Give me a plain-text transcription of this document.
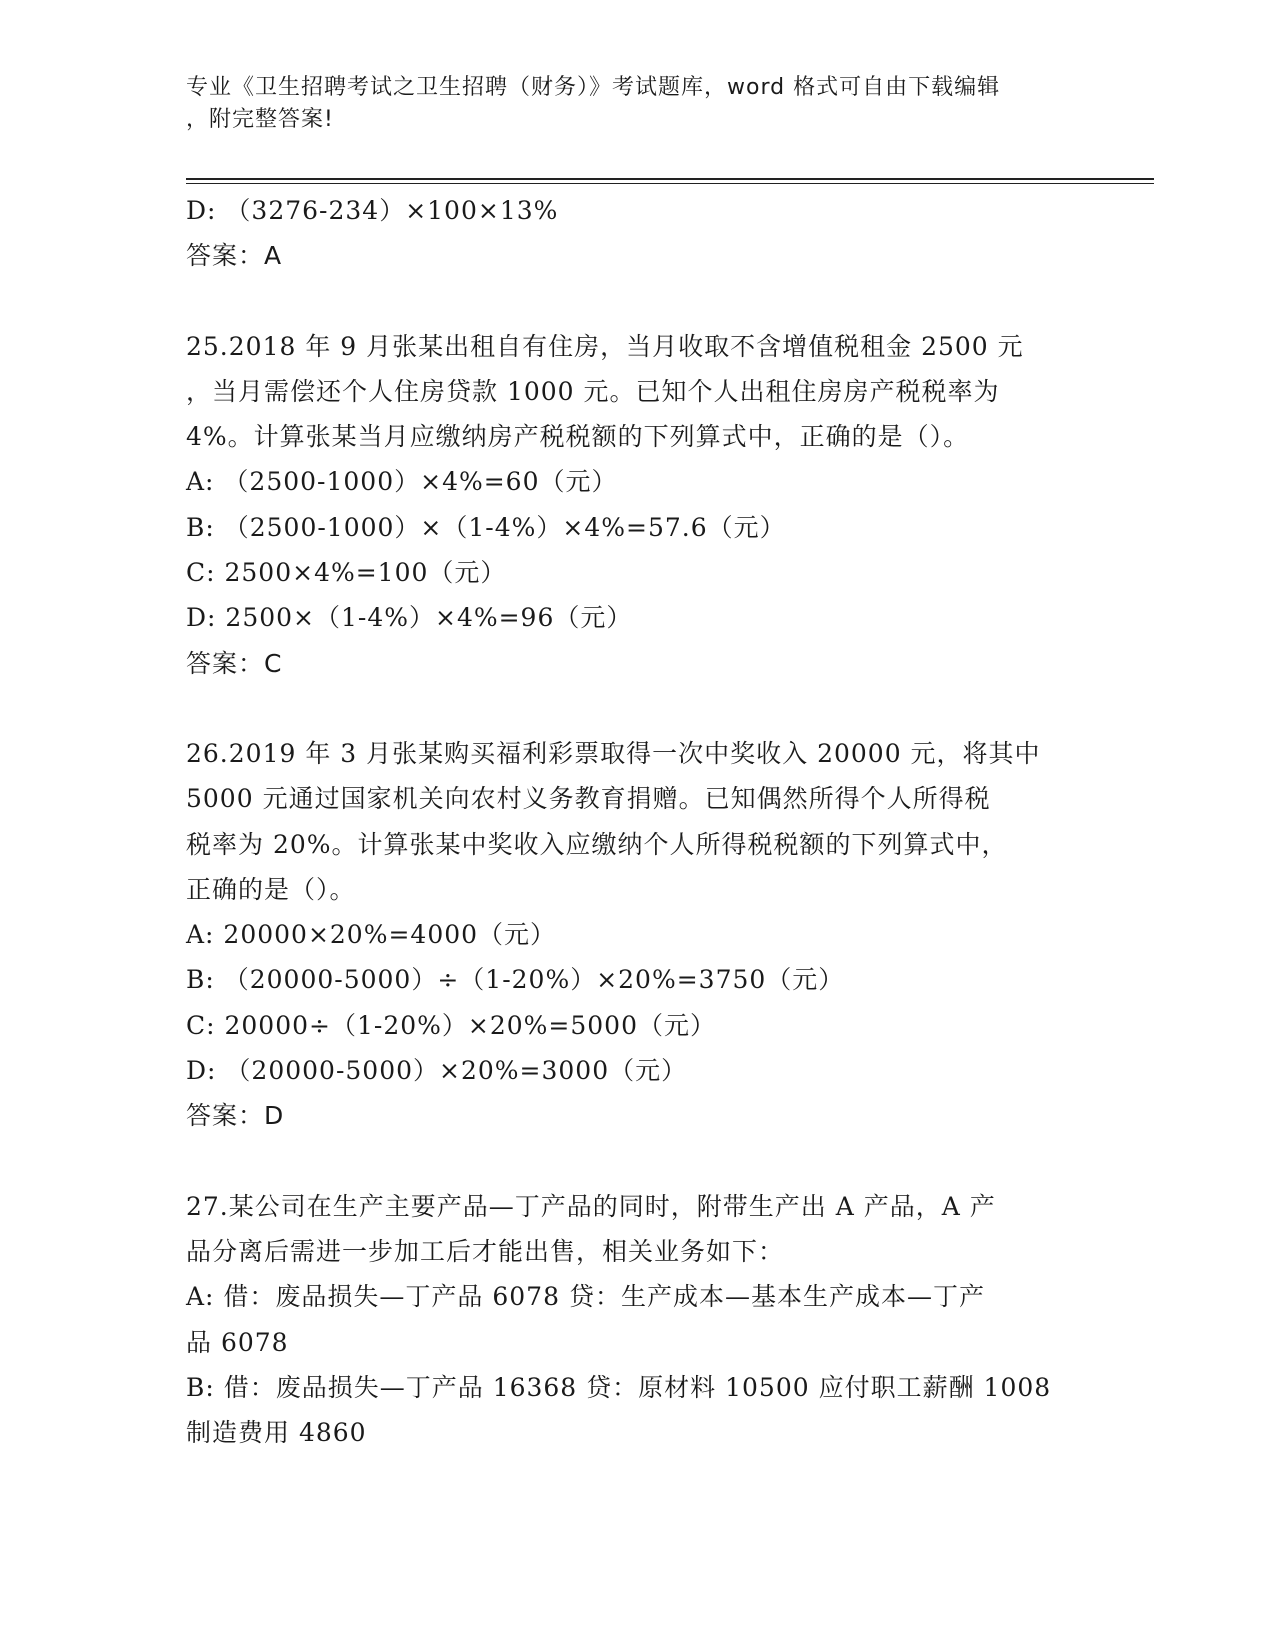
专业《卫生招聘考试之卫生招聘（财务）》考试题库，word 格式可自由下载编辑
，附完整答案!
D: （3276-234）×100×13%
答案：A
25.2018 年 9 月张某出租自有住房，当月收取不含增值税租金 2500 元
，当月需偿还个人住房贷款 1000 元。已知个人出租住房房产税税率为
4%。计算张某当月应缴纳房产税税额的下列算式中，正确的是（）。
A: （2500-1000）×4%=60（元）
B: （2500-1000）×（1-4%）×4%=57.6（元）
C: 2500×4%=100（元）
D: 2500×（1-4%）×4%=96（元）
答案：C
26.2019 年 3 月张某购买福利彩票取得一次中奖收入 20000 元，将其中
5000 元通过国家机关向农村义务教育捐赠。已知偶然所得个人所得税
税率为 20%。计算张某中奖收入应缴纳个人所得税税额的下列算式中，
正确的是（）。
A: 20000×20%=4000（元）
B: （20000-5000）÷（1-20%）×20%=3750（元）
C: 20000÷（1-20%）×20%=5000（元）
D: （20000-5000）×20%=3000（元）
答案：D
27.某公司在生产主要产品—丁产品的同时，附带生产出 A 产品，A 产
品分离后需进一步加工后才能出售，相关业务如下：
A: 借：废品损失—丁产品 6078 贷：生产成本—基本生产成本—丁产
品 6078
B: 借：废品损失—丁产品 16368 贷：原材料 10500 应付职工薪酬 1008
制造费用 4860
